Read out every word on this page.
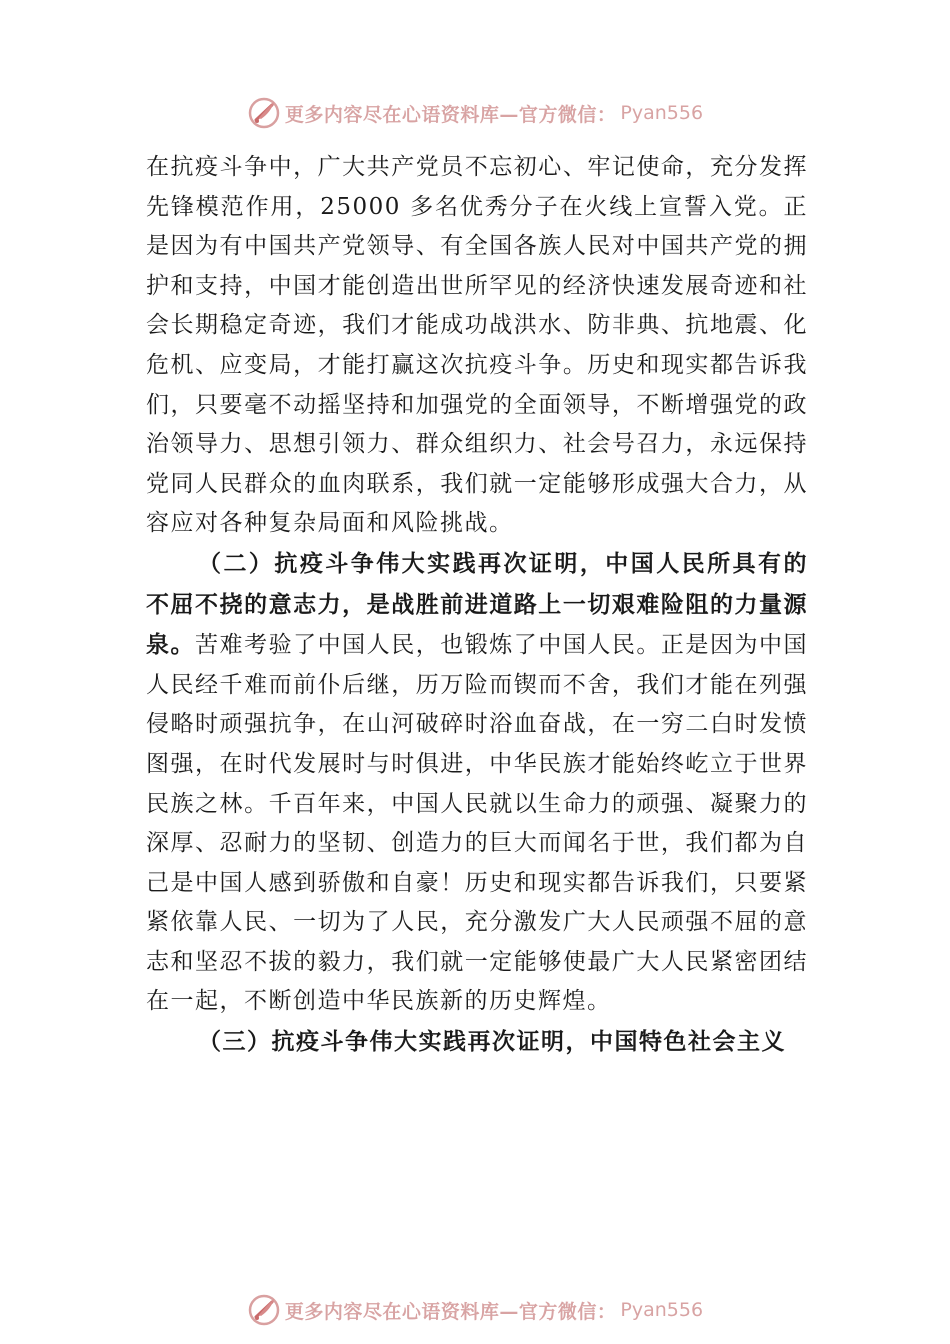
更多内容尽在心语资料库—官方微信： Pyan556

在抗疫斗争中，广大共产党员不忘初心、牢记使命，充分发挥先锋模范作用，25000 多名优秀分子在火线上宣誓入党。正是因为有中国共产党领导、有全国各族人民对中国共产党的拥护和支持，中国才能创造出世所罕见的经济快速发展奇迹和社会长期稳定奇迹，我们才能成功战洪水、防非典、抗地震、化危机、应变局，才能打赢这次抗疫斗争。历史和现实都告诉我们，只要毫不动摇坚持和加强党的全面领导，不断增强党的政治领导力、思想引领力、群众组织力、社会号召力，永远保持党同人民群众的血肉联系，我们就一定能够形成强大合力，从容应对各种复杂局面和风险挑战。

（二）抗疫斗争伟大实践再次证明，中国人民所具有的不屈不挠的意志力，是战胜前进道路上一切艰难险阻的力量源泉。苦难考验了中国人民，也锻炼了中国人民。正是因为中国人民经千难而前仆后继，历万险而锲而不舍，我们才能在列强侵略时顽强抗争，在山河破碎时浴血奋战，在一穷二白时发愤图强，在时代发展时与时俱进，中华民族才能始终屹立于世界民族之林。千百年来，中国人民就以生命力的顽强、凝聚力的深厚、忍耐力的坚韧、创造力的巨大而闻名于世，我们都为自己是中国人感到骄傲和自豪！历史和现实都告诉我们，只要紧紧依靠人民、一切为了人民，充分激发广大人民顽强不屈的意志和坚忍不拔的毅力，我们就一定能够使最广大人民紧密团结在一起，不断创造中华民族新的历史辉煌。

（三）抗疫斗争伟大实践再次证明，中国特色社会主义

更多内容尽在心语资料库—官方微信： Pyan556
